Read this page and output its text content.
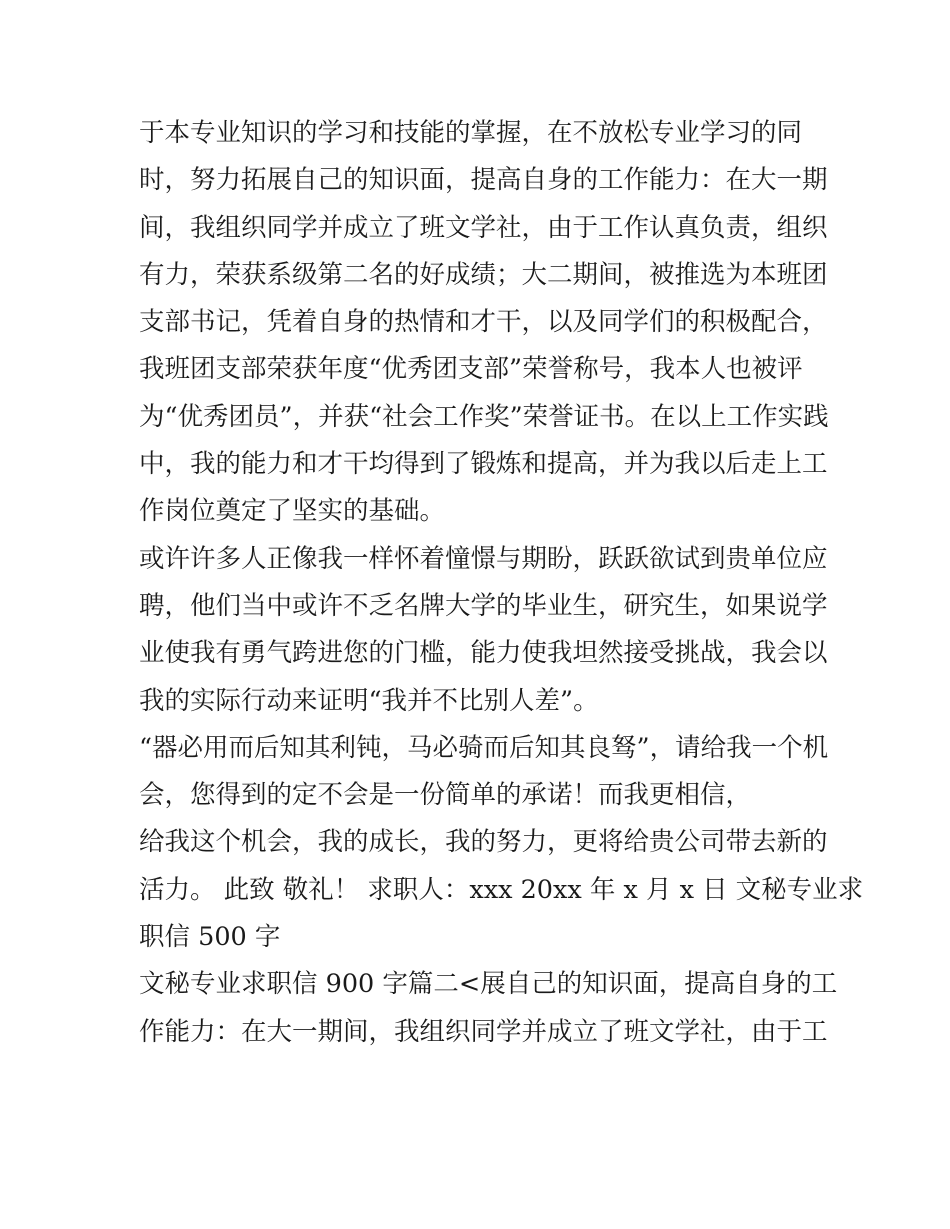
于本专业知识的学习和技能的掌握，在不放松专业学习的同
时，努力拓展自己的知识面，提高自身的工作能力：在大一期
间，我组织同学并成立了班文学社，由于工作认真负责，组织
有力，荣获系级第二名的好成绩；大二期间，被推选为本班团
支部书记，凭着自身的热情和才干，以及同学们的积极配合，
我班团支部荣获年度“优秀团支部”荣誉称号，我本人也被评
为“优秀团员”，并获“社会工作奖”荣誉证书。在以上工作实践
中，我的能力和才干均得到了锻炼和提高，并为我以后走上工
作岗位奠定了坚实的基础。
或许许多人正像我一样怀着憧憬与期盼，跃跃欲试到贵单位应
聘，他们当中或许不乏名牌大学的毕业生，研究生，如果说学
业使我有勇气跨进您的门槛，能力使我坦然接受挑战，我会以
我的实际行动来证明“我并不比别人差”。
“器必用而后知其利钝，马必骑而后知其良驽”，请给我一个机
会，您得到的定不会是一份简单的承诺！而我更相信，
给我这个机会，我的成长，我的努力，更将给贵公司带去新的
活力。 此致 敬礼！ 求职人：xxx 20xx 年 x 月 x 日 文秘专业求
职信 500 字
文秘专业求职信 900 字篇二<展自己的知识面，提高自身的工
作能力：在大一期间，我组织同学并成立了班文学社，由于工
